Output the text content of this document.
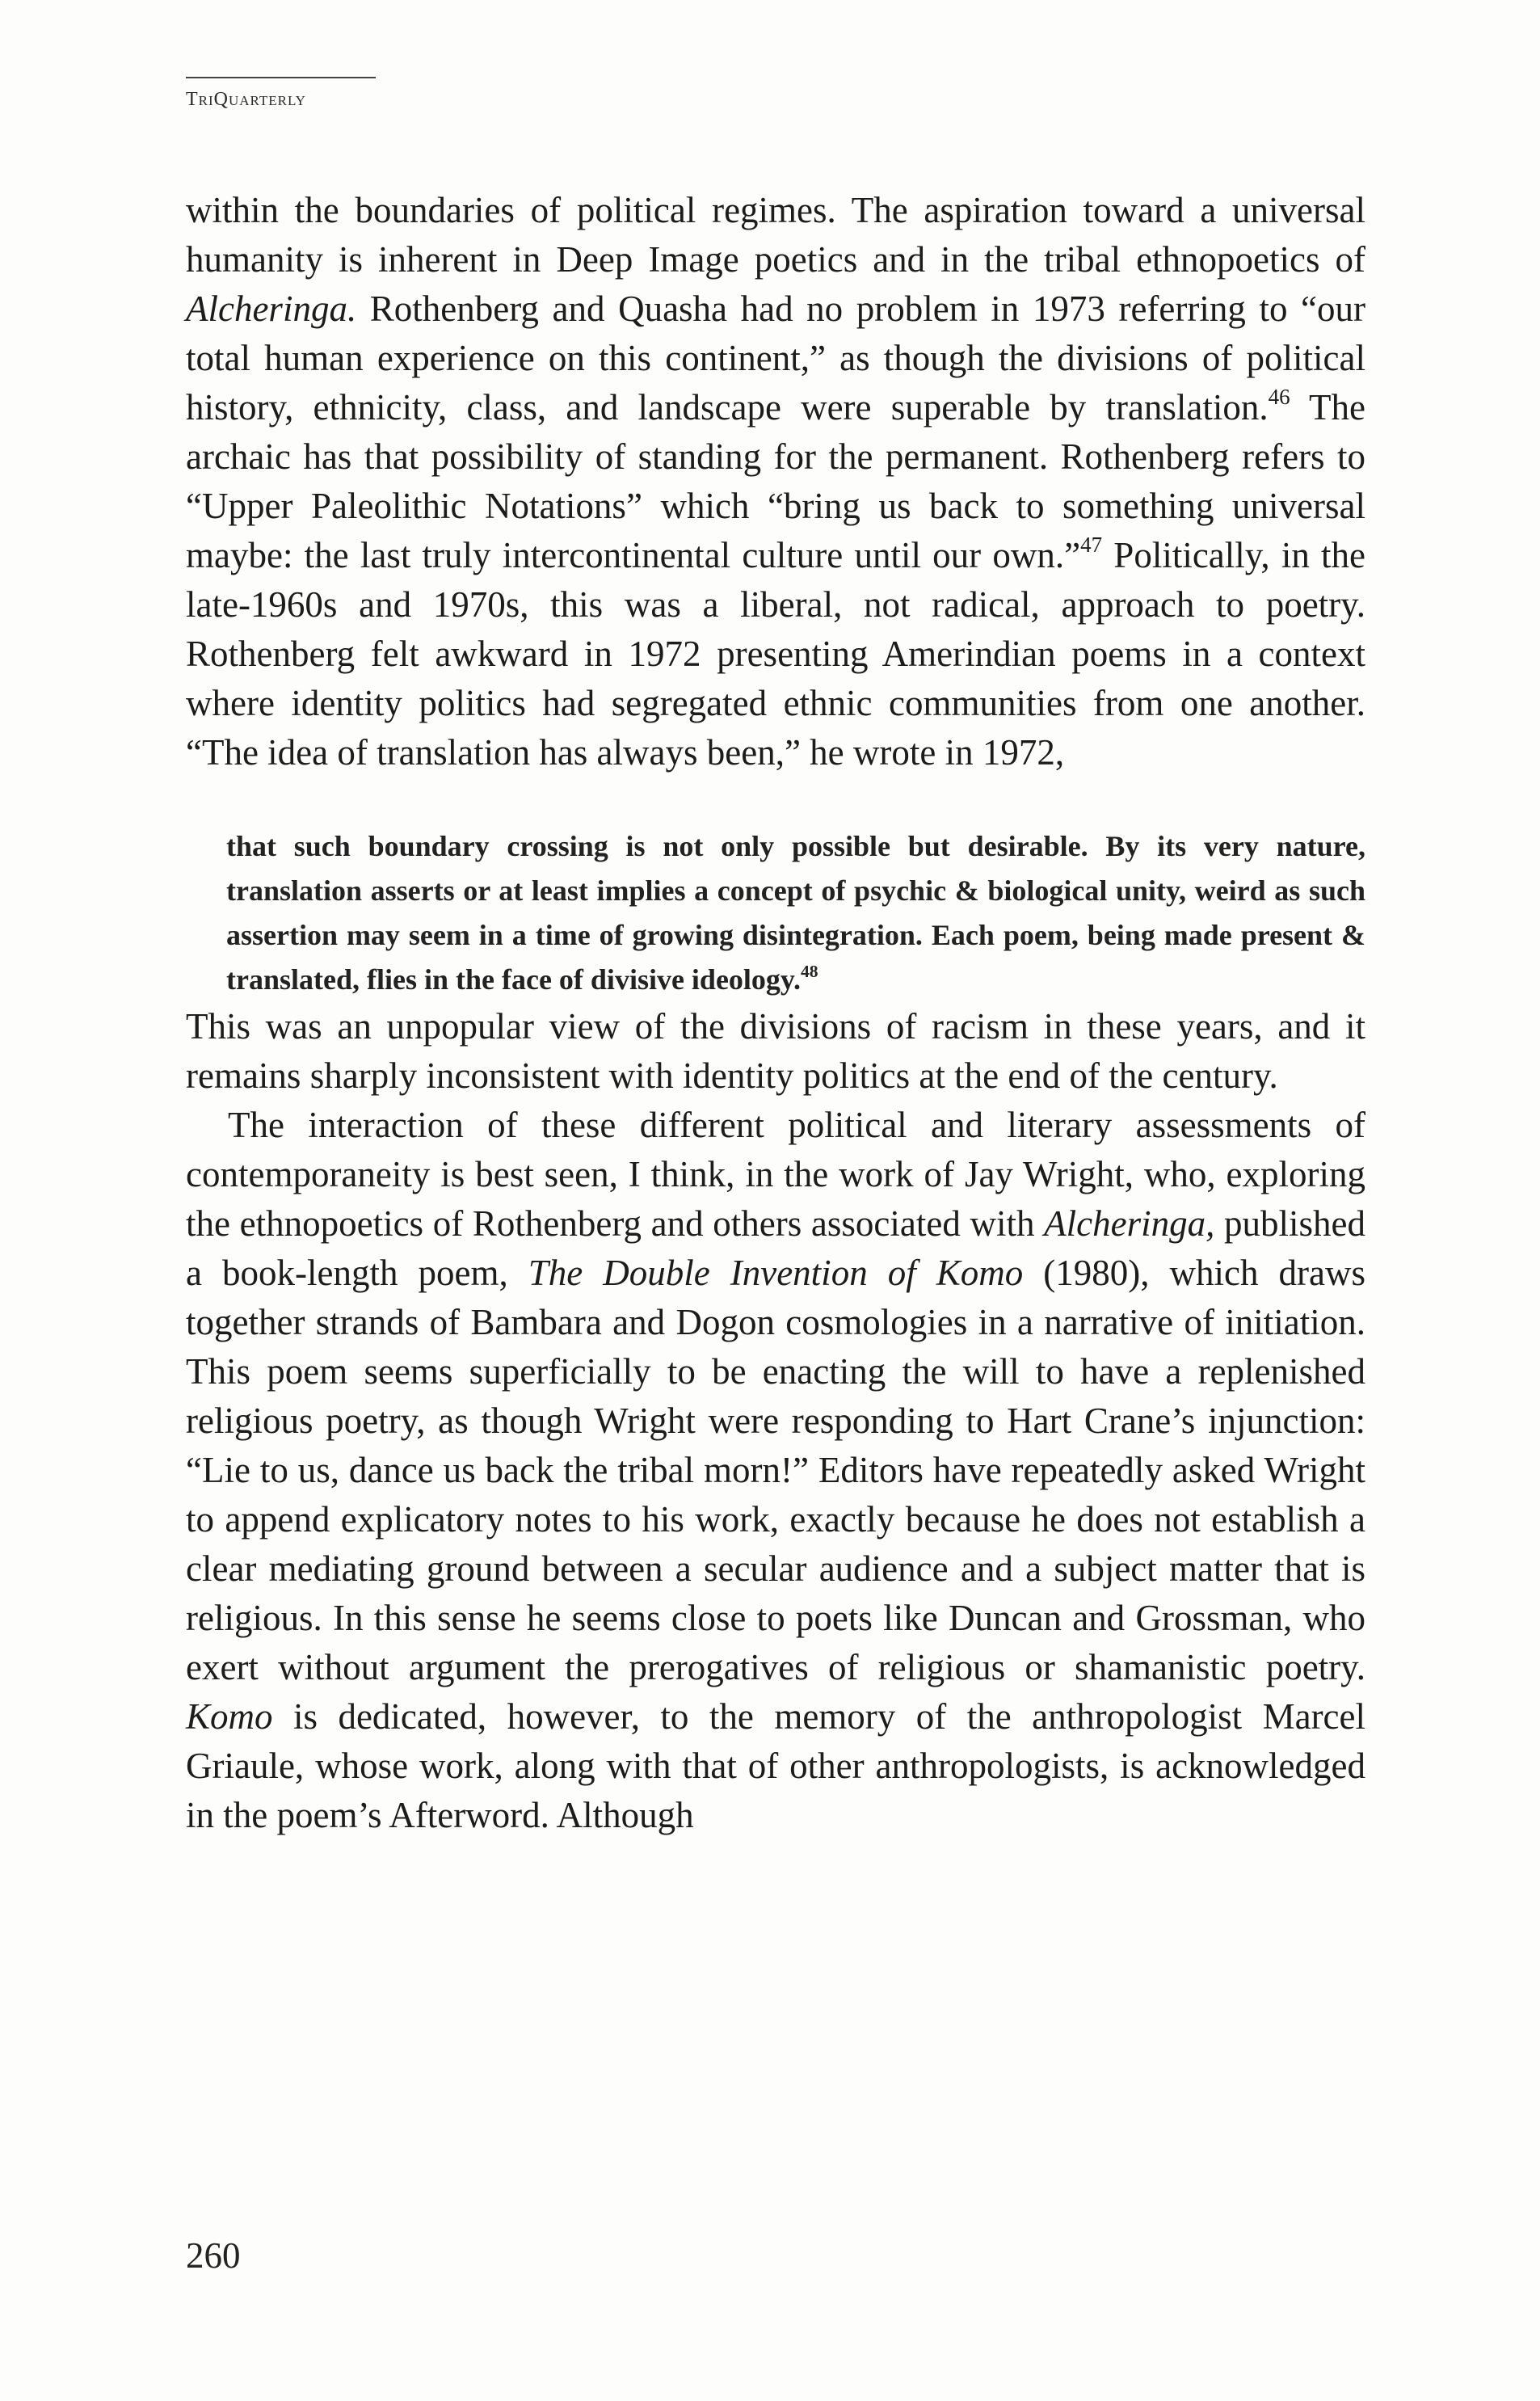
TriQuarterly

within the boundaries of political regimes. The aspiration toward a universal humanity is inherent in Deep Image poetics and in the tribal ethnopoetics of Alcheringa. Rothenberg and Quasha had no problem in 1973 referring to “our total human experience on this continent,” as though the divisions of political history, ethnicity, class, and landscape were superable by translation.$^{46}$ The archaic has that possibility of standing for the permanent. Rothenberg refers to “Upper Paleolithic Notations” which “bring us back to something universal maybe: the last truly intercontinental culture until our own.”$^{47}$ Politically, in the late-1960s and 1970s, this was a liberal, not radical, approach to poetry. Rothenberg felt awkward in 1972 presenting Amerindian poems in a context where identity politics had segregated ethnic communities from one another. “The idea of translation has always been,” he wrote in 1972,

that such boundary crossing is not only possible but desirable. By its very nature, translation asserts or at least implies a concept of psychic & biological unity, weird as such assertion may seem in a time of growing disintegration. Each poem, being made present & translated, flies in the face of divisive ideology.$^{48}$

This was an unpopular view of the divisions of racism in these years, and it remains sharply inconsistent with identity politics at the end of the century.

The interaction of these different political and literary assessments of contemporaneity is best seen, I think, in the work of Jay Wright, who, exploring the ethnopoetics of Rothenberg and others associated with Alcheringa, published a book-length poem, The Double Invention of Komo (1980), which draws together strands of Bambara and Dogon cosmologies in a narrative of initiation. This poem seems superficially to be enacting the will to have a replenished religious poetry, as though Wright were responding to Hart Crane’s injunction: “Lie to us, dance us back the tribal morn!” Editors have repeatedly asked Wright to append explicatory notes to his work, exactly because he does not establish a clear mediating ground between a secular audience and a subject matter that is religious. In this sense he seems close to poets like Duncan and Grossman, who exert without argument the prerogatives of religious or shamanistic poetry. Komo is dedicated, however, to the memory of the anthropologist Marcel Griaule, whose work, along with that of other anthropologists, is acknowledged in the poem’s Afterword. Although

260
